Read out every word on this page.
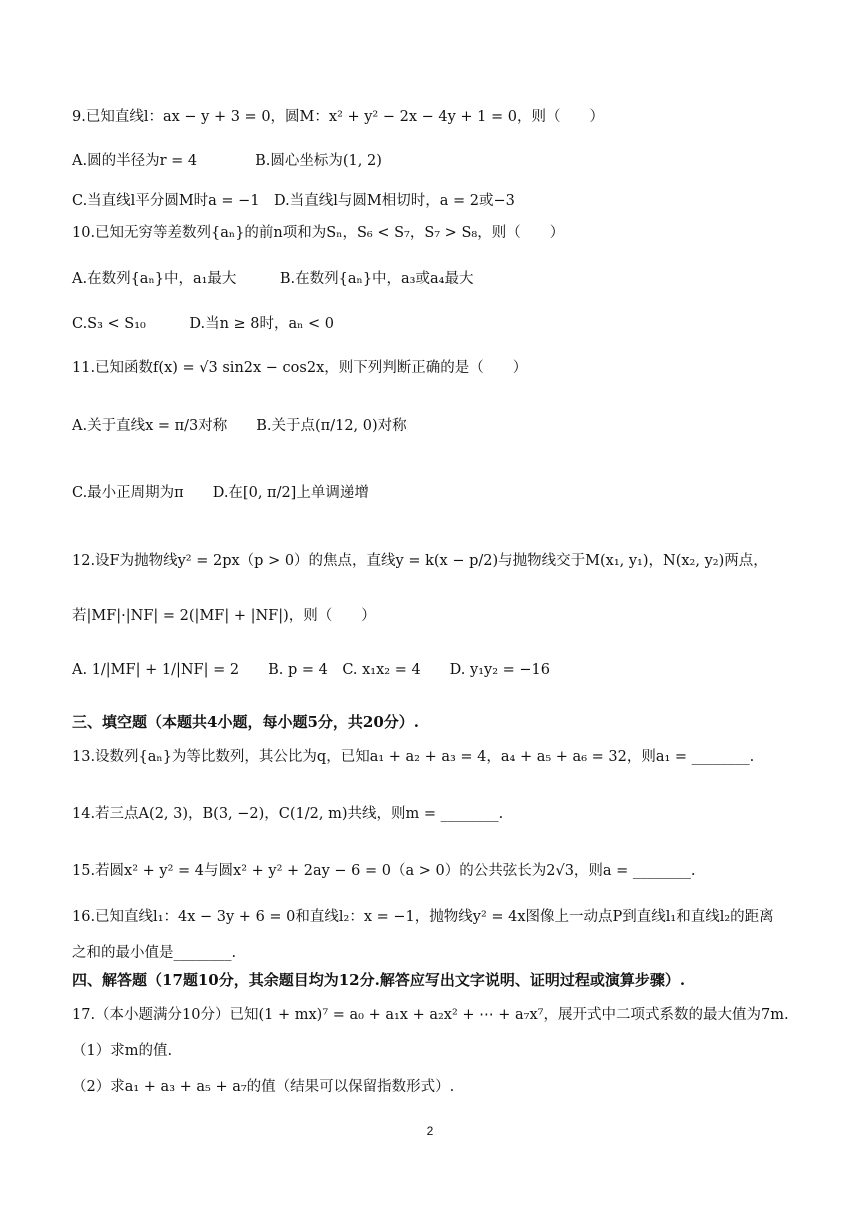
9.已知直线l：ax − y + 3 = 0，圆M：x² + y² − 2x − 4y + 1 = 0，则（　　）
A.圆的半径为r = 4　　　　B.圆心坐标为(1, 2)
C.当直线l平分圆M时a = −1　D.当直线l与圆M相切时，a = 2或−3
10.已知无穷等差数列{aₙ}的前n项和为Sₙ，S₆ < S₇，S₇ > S₈，则（　　）
A.在数列{aₙ}中，a₁最大　　　B.在数列{aₙ}中，a₃或a₄最大
C.S₃ < S₁₀　　　D.当n ≥ 8时，aₙ < 0
11.已知函数f(x) = √3 sin2x − cos2x，则下列判断正确的是（　　）
A.关于直线x = π/3对称　　B.关于点(π/12, 0)对称
C.最小正周期为π　　D.在[0, π/2]上单调递增
12.设F为抛物线y² = 2px（p > 0）的焦点，直线y = k(x − p/2)与抛物线交于M(x₁, y₁)，N(x₂, y₂)两点，
若|MF|·|NF| = 2(|MF| + |NF|)，则（　　）
A. 1/|MF| + 1/|NF| = 2　　B. p = 4　C. x₁x₂ = 4　　D. y₁y₂ = −16
三、填空题（本题共4小题，每小题5分，共20分）.
13.设数列{aₙ}为等比数列，其公比为q，已知a₁ + a₂ + a₃ = 4，a₄ + a₅ + a₆ = 32，则a₁ = ________.
14.若三点A(2, 3)，B(3, −2)，C(1/2, m)共线，则m = ________.
15.若圆x² + y² = 4与圆x² + y² + 2ay − 6 = 0（a > 0）的公共弦长为2√3，则a = ________.
16.已知直线l₁：4x − 3y + 6 = 0和直线l₂：x = −1，抛物线y² = 4x图像上一动点P到直线l₁和直线l₂的距离
之和的最小值是________.
四、解答题（17题10分，其余题目均为12分.解答应写出文字说明、证明过程或演算步骤）.
17.（本小题满分10分）已知(1 + mx)⁷ = a₀ + a₁x + a₂x² + ⋯ + a₇x⁷，展开式中二项式系数的最大值为7m.
（1）求m的值.
（2）求a₁ + a₃ + a₅ + a₇的值（结果可以保留指数形式）.
2
